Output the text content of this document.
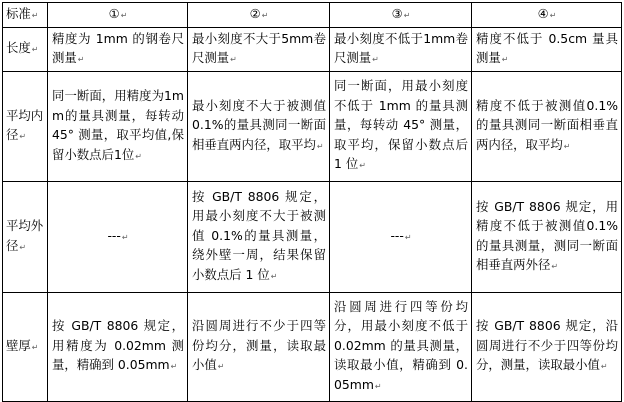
标准↵	①↵	②↵	③↵	④↵
长度↵	精度为 1mm 的钢卷尺测量↵	最小刻度不大于5mm卷尺测量↵	最小刻度不低于1mm卷尺测量↵	精度不低于 0.5cm 量具测量↵
平均内径↵	同一断面，用精度为1mm的量具测量，每转动 45° 测量，取平均值,保留小数点后1位↵	最小刻度不大于被测值0.1%的量具测同一断面相垂直两内径，取平均↵	同一断面，用最小刻度不低于 1mm 的量具测量，每转动 45° 测量，取平均，保留小数点后 1 位↵	精度不低于被测值0.1%的量具测同一断面相垂直两内径，取平均↵
平均外径↵	---↵	按 GB/T 8806 规定，用最小刻度不大于被测值 0.1%的量具测量，绕外壁一周，结果保留小数点后 1 位↵	---↵	按 GB/T 8806 规定，用精度不低于被测值0.1%的量具测量，测同一断面相垂直两外径↵
壁厚↵	按 GB/T 8806 规定，用精度为 0.02mm 测量，精确到 0.05mm↵	沿圆周进行不少于四等份均分，测量，读取最小值↵	沿圆周进行四等份均分，用最小刻度不低于 0.02mm 的量具测量，读取最小值，精确到 0.05mm↵	按 GB/T 8806 规定，沿圆周进行不少于四等份均分，测量，读取最小值↵
